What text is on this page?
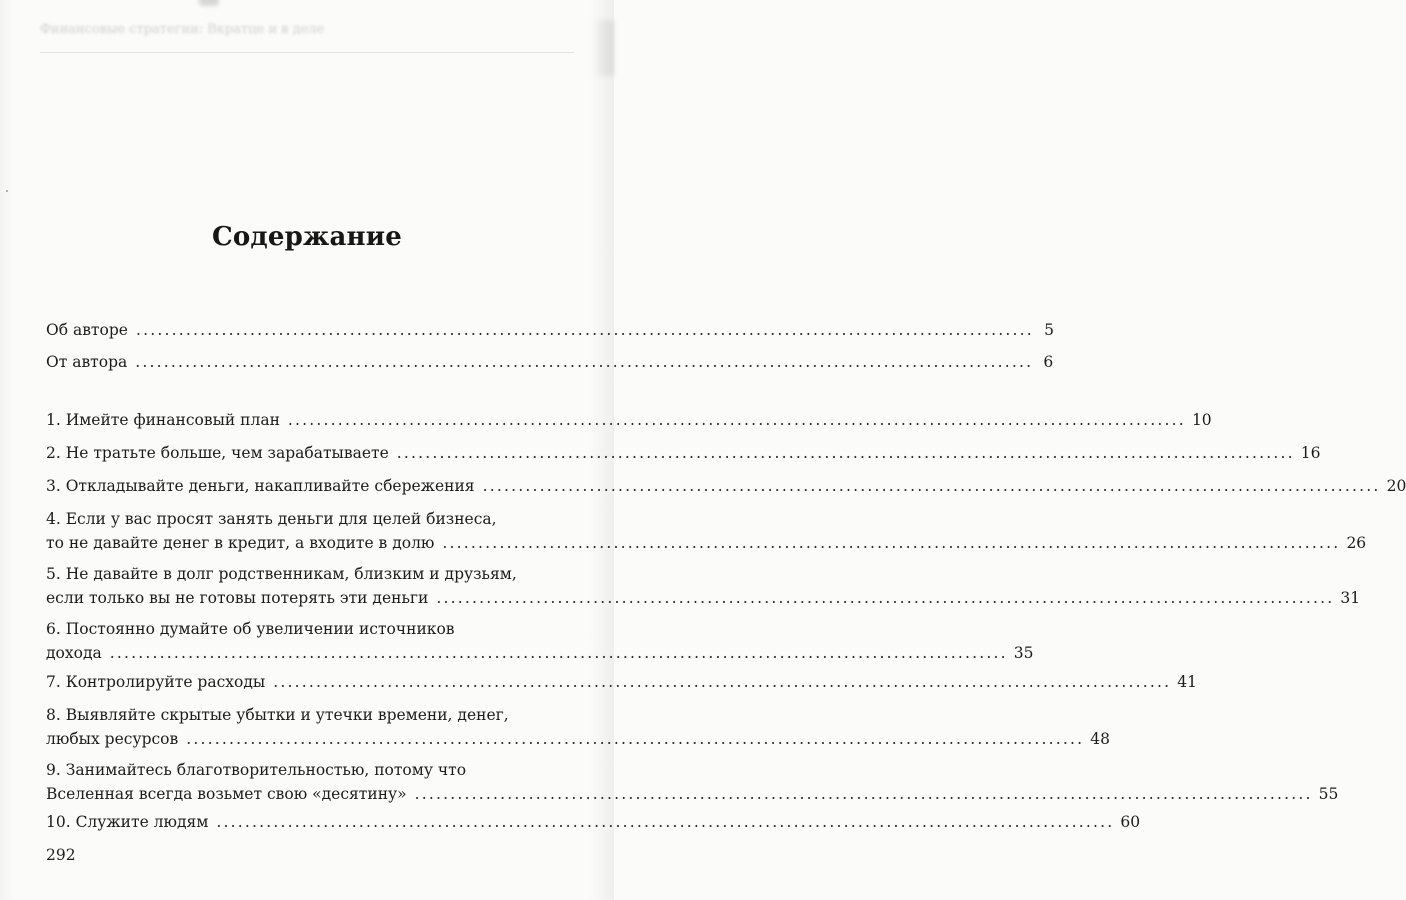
Финансовые стратегии: Вкратце и в деле
Содержание
Об авторе .............................................................................................................................. 5
От автора .............................................................................................................................. 6
1. Имейте финансовый план .............................................................................................................................. 10
2. Не тратьте больше, чем зарабатываете .............................................................................................................................. 16
3. Откладывайте деньги, накапливайте сбережения .............................................................................................................................. 20
4. Если у вас просят занять деньги для целей бизнеса,
то не давайте денег в кредит, а входите в долю .............................................................................................................................. 26
5. Не давайте в долг родственникам, близким и друзьям,
если только вы не готовы потерять эти деньги .............................................................................................................................. 31
6. Постоянно думайте об увеличении источников
дохода .............................................................................................................................. 35
7. Контролируйте расходы .............................................................................................................................. 41
8. Выявляйте скрытые убытки и утечки времени, денег,
любых ресурсов .............................................................................................................................. 48
9. Занимайтесь благотворительностью, потому что
Вселенная всегда возьмет свою «десятину» .............................................................................................................................. 55
10. Служите людям .............................................................................................................................. 60
292
